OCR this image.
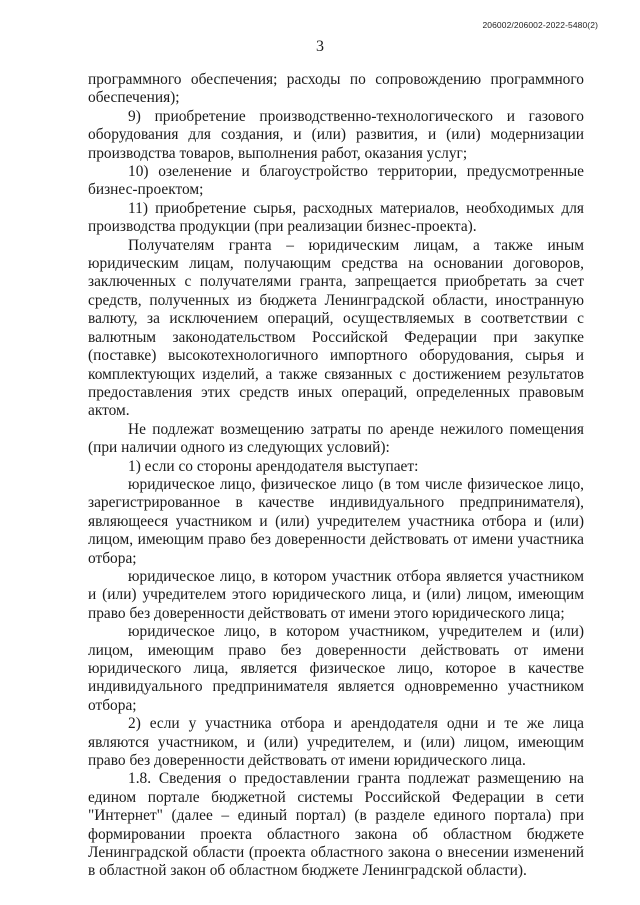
206002/206002-2022-5480(2)
3

программного обеспечения; расходы по сопровождению программного обеспечения);

9) приобретение производственно-технологического и газового оборудования для создания, и (или) развития, и (или) модернизации производства товаров, выполнения работ, оказания услуг;

10) озеленение и благоустройство территории, предусмотренные бизнес-проектом;

11) приобретение сырья, расходных материалов, необходимых для производства продукции (при реализации бизнес-проекта).

Получателям гранта – юридическим лицам, а также иным юридическим лицам, получающим средства на основании договоров, заключенных с получателями гранта, запрещается приобретать за счет средств, полученных из бюджета Ленинградской области, иностранную валюту, за исключением операций, осуществляемых в соответствии с валютным законодательством Российской Федерации при закупке (поставке) высокотехнологичного импортного оборудования, сырья и комплектующих изделий, а также связанных с достижением результатов предоставления этих средств иных операций, определенных правовым актом.

Не подлежат возмещению затраты по аренде нежилого помещения (при наличии одного из следующих условий):

1) если со стороны арендодателя выступает:

юридическое лицо, физическое лицо (в том числе физическое лицо, зарегистрированное в качестве индивидуального предпринимателя), являющееся участником и (или) учредителем участника отбора и (или) лицом, имеющим право без доверенности действовать от имени участника отбора;

юридическое лицо, в котором участник отбора является участником и (или) учредителем этого юридического лица, и (или) лицом, имеющим право без доверенности действовать от имени этого юридического лица;

юридическое лицо, в котором участником, учредителем и (или) лицом, имеющим право без доверенности действовать от имени юридического лица, является физическое лицо, которое в качестве индивидуального предпринимателя является одновременно участником отбора;

2) если у участника отбора и арендодателя одни и те же лица являются участником, и (или) учредителем, и (или) лицом, имеющим право без доверенности действовать от имени юридического лица.

1.8. Сведения о предоставлении гранта подлежат размещению на едином портале бюджетной системы Российской Федерации в сети "Интернет" (далее – единый портал) (в разделе единого портала) при формировании проекта областного закона об областном бюджете Ленинградской области (проекта областного закона о внесении изменений в областной закон об областном бюджете Ленинградской области).
